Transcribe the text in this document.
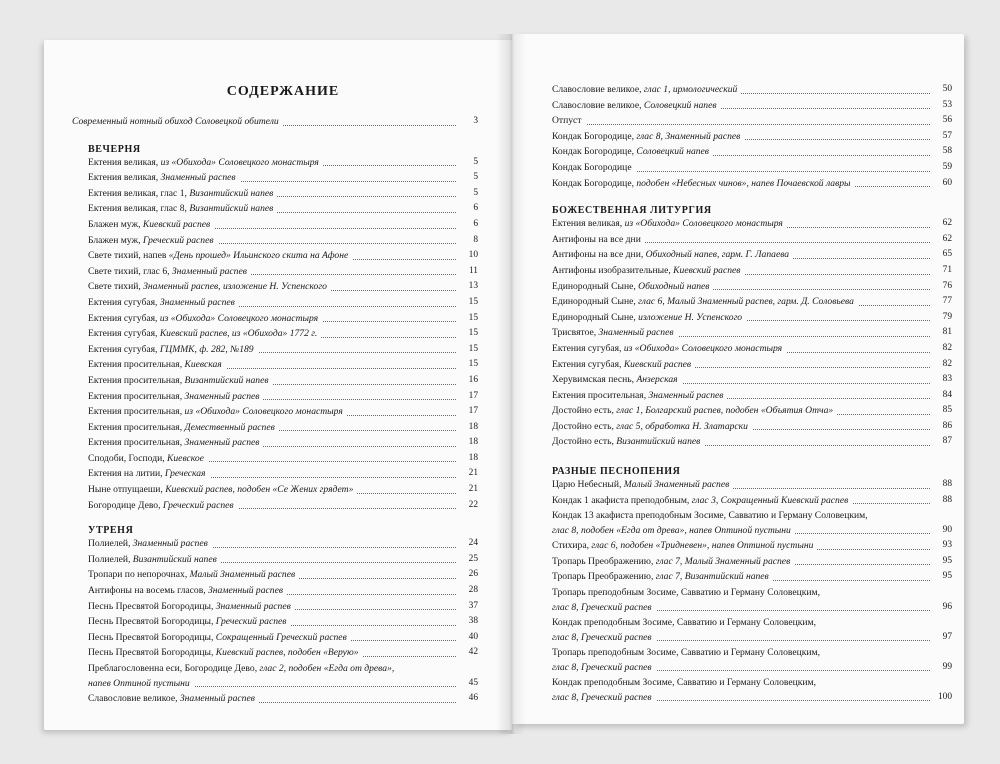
СОДЕРЖАНИЕ
Современный нотный обиход Соловецкой обители	3
ВЕЧЕРНЯ
Ектения великая, из «Обихода» Соловецкого монастыря	5
Ектения великая, Знаменный распев	5
Ектения великая, глас 1, Византийский напев	5
Ектения великая, глас 8, Византийский напев	6
Блажен муж, Киевский распев	6
Блажен муж, Греческий распев	8
Свете тихий, напев «День прошед» Ильинского скита на Афоне	10
Свете тихий, глас 6, Знаменный распев	11
Свете тихий, Знаменный распев, изложение Н. Успенского	13
Ектения сугубая, Знаменный распев	15
Ектения сугубая, из «Обихода» Соловецкого монастыря	15
Ектения сугубая, Киевский распев, из «Обихода» 1772 г.	15
Ектения сугубая, ГЦММК, ф. 282, №189	15
Ектения просительная, Киевская	15
Ектения просительная, Византийский напев	16
Ектения просительная, Знаменный распев	17
Ектения просительная, из «Обихода» Соловецкого монастыря	17
Ектения просительная, Демественный распев	18
Ектения просительная, Знаменный распев	18
Сподоби, Господи, Киевское	18
Ектения на литии, Греческая	21
Ныне отпущаеши, Киевский распев, подобен «Се Жених грядет»	21
Богородице Дево, Греческий распев	22
УТРЕНЯ
Полиелей, Знаменный распев	24
Полиелей, Византийский напев	25
Тропари по непорочнах, Малый Знаменный распев	26
Антифоны на восемь гласов, Знаменный распев	28
Песнь Пресвятой Богородицы, Знаменный распев	37
Песнь Пресвятой Богородицы, Греческий распев	38
Песнь Пресвятой Богородицы, Сокращенный Греческий распев	40
Песнь Пресвятой Богородицы, Киевский распев, подобен «Верую»	42
Преблагословенна еси, Богородице Дево, глас 2, подобен «Егда от древа»,
напев Оптиной пустыни	45
Славословие великое, Знаменный распев	46
Славословие великое, глас 1, ирмологический	50
Славословие великое, Соловецкий напев	53
Отпуст	56
Кондак Богородице, глас 8, Знаменный распев	57
Кондак Богородице, Соловецкий напев	58
Кондак Богородице	59
Кондак Богородице, подобен «Небесных чинов», напев Почаевской лавры	60
БОЖЕСТВЕННАЯ ЛИТУРГИЯ
Ектения великая, из «Обихода» Соловецкого монастыря	62
Антифоны на все дни	62
Антифоны на все дни, Обиходный напев, гарм. Г. Лапаева	65
Антифоны изобразительные, Киевский распев	71
Единородный Сыне, Обиходный напев	76
Единородный Сыне, глас 6, Малый Знаменный распев, гарм. Д. Соловьева	77
Единородный Сыне, изложение Н. Успенского	79
Трисвятое, Знаменный распев	81
Ектения сугубая, из «Обихода» Соловецкого монастыря	82
Ектения сугубая, Киевский распев	82
Херувимская песнь, Анзерская	83
Ектения просительная, Знаменный распев	84
Достойно есть, глас 1, Болгарский распев, подобен «Объятия Отча»	85
Достойно есть, глас 5, обработка Н. Златарски	86
Достойно есть, Византийский напев	87
РАЗНЫЕ ПЕСНОПЕНИЯ
Царю Небесный, Малый Знаменный распев	88
Кондак 1 акафиста преподобным, глас 3, Сокращенный Киевский распев	88
Кондак 13 акафиста преподобным Зосиме, Савватию и Герману Соловецким,
глас 8, подобен «Егда от древа», напев Оптиной пустыни	90
Стихира, глас 6, подобен «Тридневен», напев Оптиной пустыни	93
Тропарь Преображению, глас 7, Малый Знаменный распев	95
Тропарь Преображению, глас 7, Византийский напев	95
Тропарь преподобным Зосиме, Савватию и Герману Соловецким,
глас 8, Греческий распев	96
Кондак преподобным Зосиме, Савватию и Герману Соловецким,
глас 8, Греческий распев	97
Тропарь преподобным Зосиме, Савватию и Герману Соловецким,
глас 8, Греческий распев	99
Кондак преподобным Зосиме, Савватию и Герману Соловецким,
глас 8, Греческий распев	100
